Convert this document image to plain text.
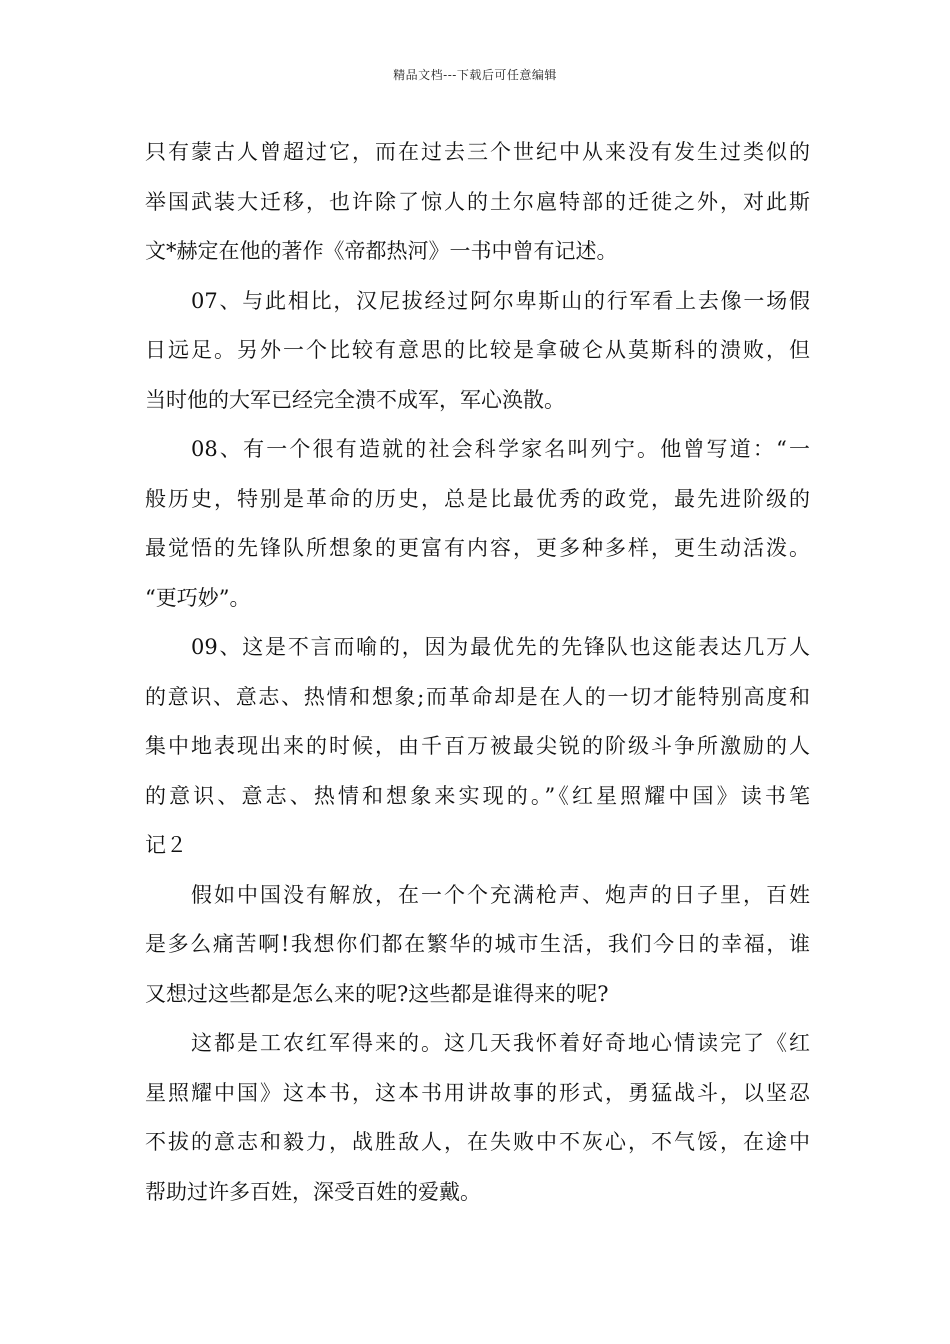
精品文档---下载后可任意编辑
只有蒙古人曾超过它，而在过去三个世纪中从来没有发生过类似的
举国武装大迁移，也许除了惊人的土尔扈特部的迁徙之外，对此斯
文*赫定在他的著作《帝都热河》一书中曾有记述。
07、与此相比，汉尼拔经过阿尔卑斯山的行军看上去像一场假
日远足。另外一个比较有意思的比较是拿破仑从莫斯科的溃败，但
当时他的大军已经完全溃不成军，军心涣散。
08、有一个很有造就的社会科学家名叫列宁。他曾写道：“一
般历史，特别是革命的历史，总是比最优秀的政党，最先进阶级的
最觉悟的先锋队所想象的更富有内容，更多种多样，更生动活泼。
“更巧妙”。
09、这是不言而喻的，因为最优先的先锋队也这能表达几万人
的意识、意志、热情和想象;而革命却是在人的一切才能特别高度和
集中地表现出来的时候，由千百万被最尖锐的阶级斗争所激励的人
的意识、意志、热情和想象来实现的。”《红星照耀中国》读书笔
记２
假如中国没有解放，在一个个充满枪声、炮声的日子里，百姓
是多么痛苦啊!我想你们都在繁华的城市生活，我们今日的幸福，谁
又想过这些都是怎么来的呢?这些都是谁得来的呢?
这都是工农红军得来的。这几天我怀着好奇地心情读完了《红
星照耀中国》这本书，这本书用讲故事的形式，勇猛战斗，以坚忍
不拔的意志和毅力，战胜敌人，在失败中不灰心，不气馁，在途中
帮助过许多百姓，深受百姓的爱戴。
